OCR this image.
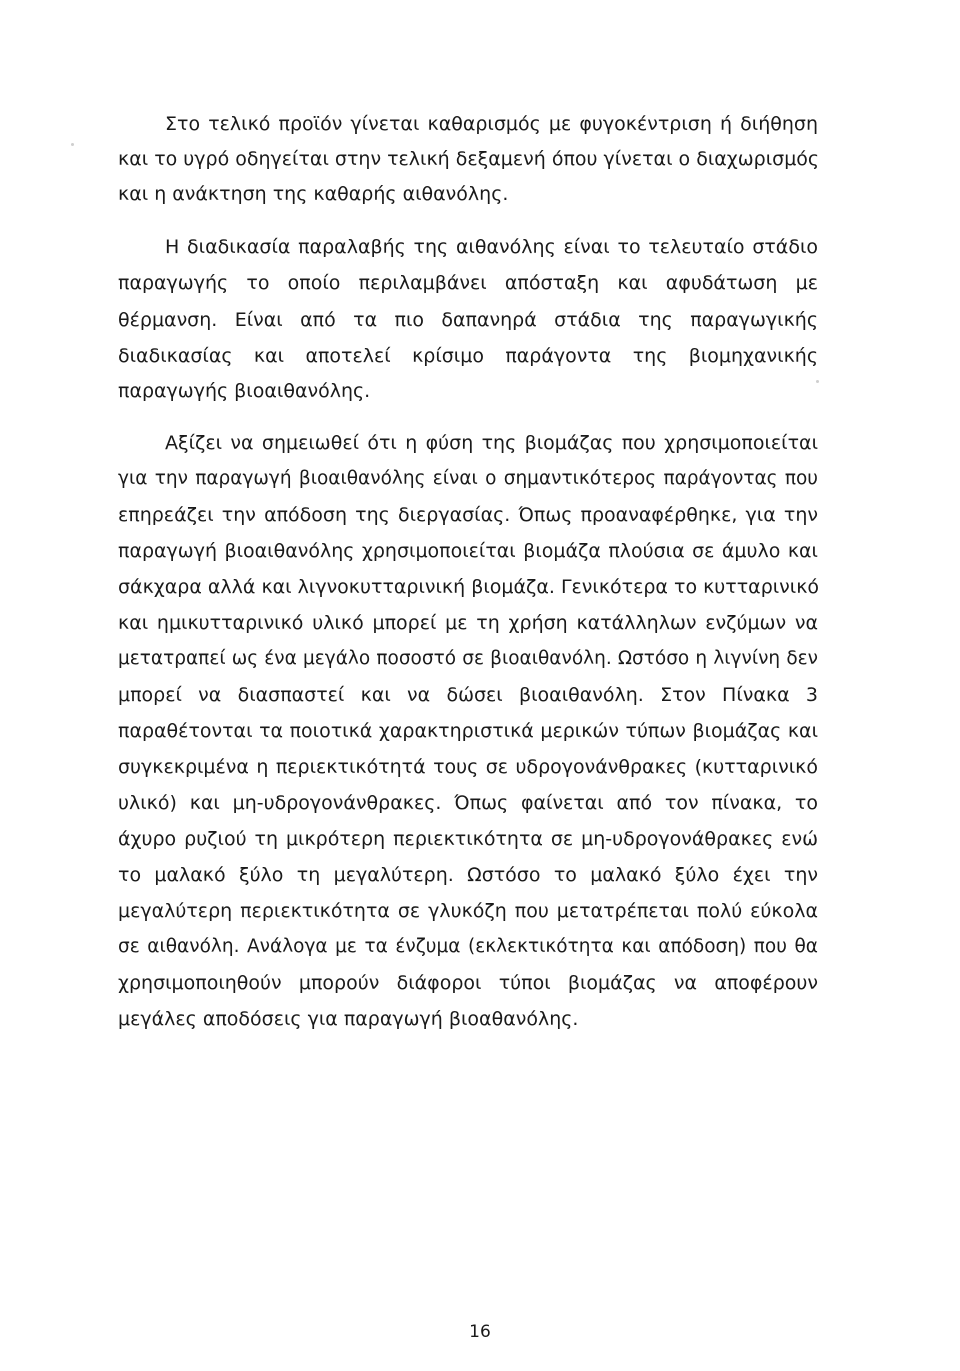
Στο τελικό προϊόν γίνεται καθαρισμός με φυγοκέντριση ή διήθηση
και το υγρό οδηγείται στην τελική δεξαμενή όπου γίνεται ο διαχωρισμός
και η ανάκτηση της καθαρής αιθανόλης.
Η διαδικασία παραλαβής της αιθανόλης είναι το τελευταίο στάδιο
παραγωγής το οποίο περιλαμβάνει απόσταξη και αφυδάτωση με
θέρμανση. Είναι από τα πιο δαπανηρά στάδια της παραγωγικής
διαδικασίας και αποτελεί κρίσιμο παράγοντα της βιομηχανικής
παραγωγής βιοαιθανόλης.
Αξίζει να σημειωθεί ότι η φύση της βιομάζας που χρησιμοποιείται
για την παραγωγή βιοαιθανόλης είναι ο σημαντικότερος παράγοντας που
επηρεάζει την απόδοση της διεργασίας. Όπως προαναφέρθηκε, για την
παραγωγή βιοαιθανόλης χρησιμοποιείται βιομάζα πλούσια σε άμυλο και
σάκχαρα αλλά και λιγνοκυτταρινική βιομάζα. Γενικότερα το κυτταρινικό
και ημικυτταρινικό υλικό μπορεί με τη χρήση κατάλληλων ενζύμων να
μετατραπεί ως ένα μεγάλο ποσοστό σε βιοαιθανόλη. Ωστόσο η λιγνίνη δεν
μπορεί να διασπαστεί και να δώσει βιοαιθανόλη. Στον Πίνακα 3
παραθέτονται τα ποιοτικά χαρακτηριστικά μερικών τύπων βιομάζας και
συγκεκριμένα η περιεκτικότητά τους σε υδρογονάνθρακες (κυτταρινικό
υλικό) και μη-υδρογονάνθρακες. Όπως φαίνεται από τον πίνακα, το
άχυρο ρυζιού τη μικρότερη περιεκτικότητα σε μη-υδρογονάθρακες ενώ
το μαλακό ξύλο τη μεγαλύτερη. Ωστόσο το μαλακό ξύλο έχει την
μεγαλύτερη περιεκτικότητα σε γλυκόζη που μετατρέπεται πολύ εύκολα
σε αιθανόλη. Ανάλογα με τα ένζυμα (εκλεκτικότητα και απόδοση) που θα
χρησιμοποιηθούν μπορούν διάφοροι τύποι βιομάζας να αποφέρουν
μεγάλες αποδόσεις για παραγωγή βιοαθανόλης.
16
